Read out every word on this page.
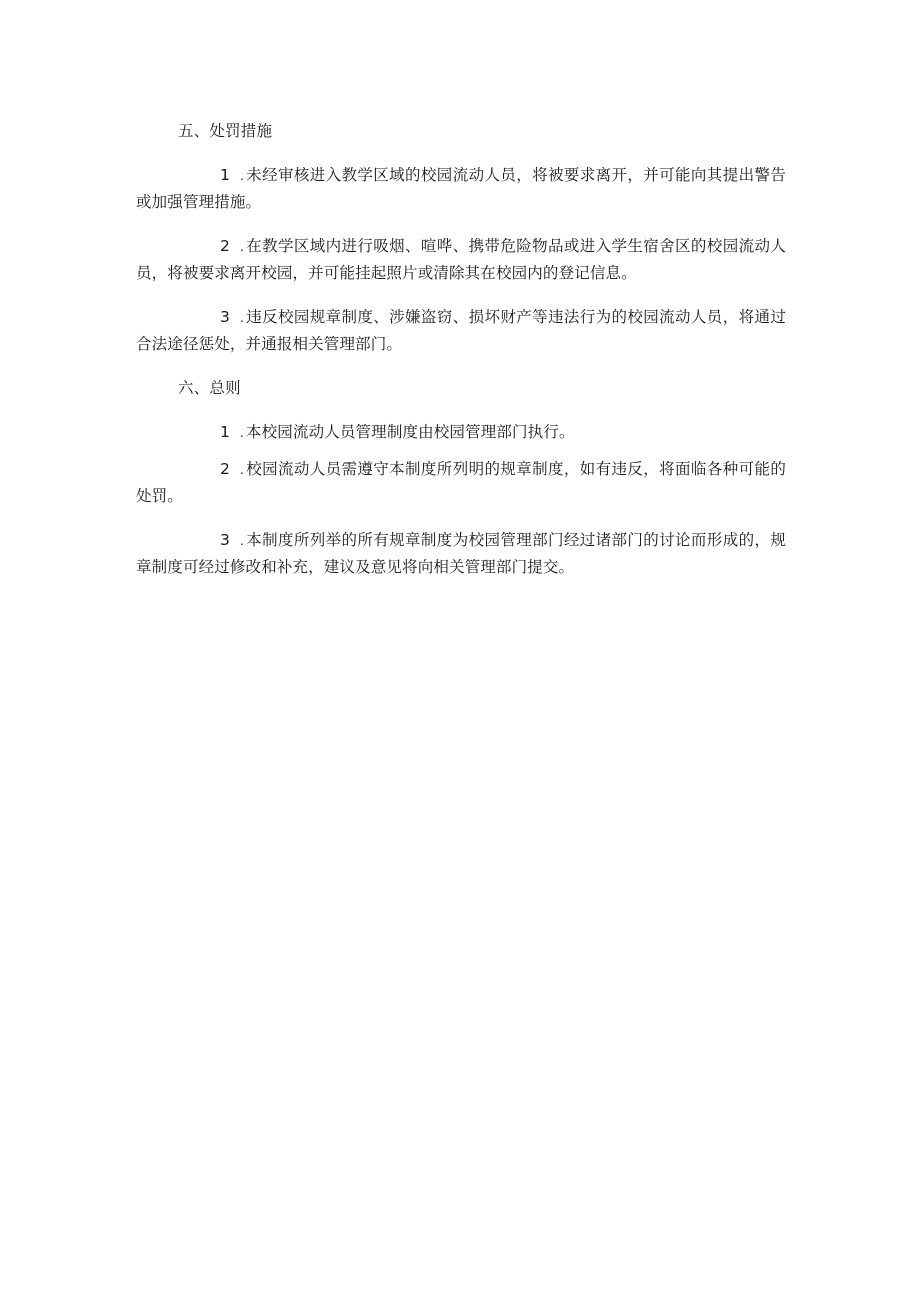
五、处罚措施

1 . 未经审核进入教学区域的校园流动人员，将被要求离开，并可能向其提出警告或加强管理措施。

2 . 在教学区域内进行吸烟、喧哗、携带危险物品或进入学生宿舍区的校园流动人员，将被要求离开校园，并可能挂起照片或清除其在校园内的登记信息。

3 . 违反校园规章制度、涉嫌盗窃、损坏财产等违法行为的校园流动人员，将通过合法途径惩处，并通报相关管理部门。

六、总则

1 . 本校园流动人员管理制度由校园管理部门执行。

2 . 校园流动人员需遵守本制度所列明的规章制度，如有违反，将面临各种可能的处罚。

3 . 本制度所列举的所有规章制度为校园管理部门经过诸部门的讨论而形成的，规章制度可经过修改和补充，建议及意见将向相关管理部门提交。
